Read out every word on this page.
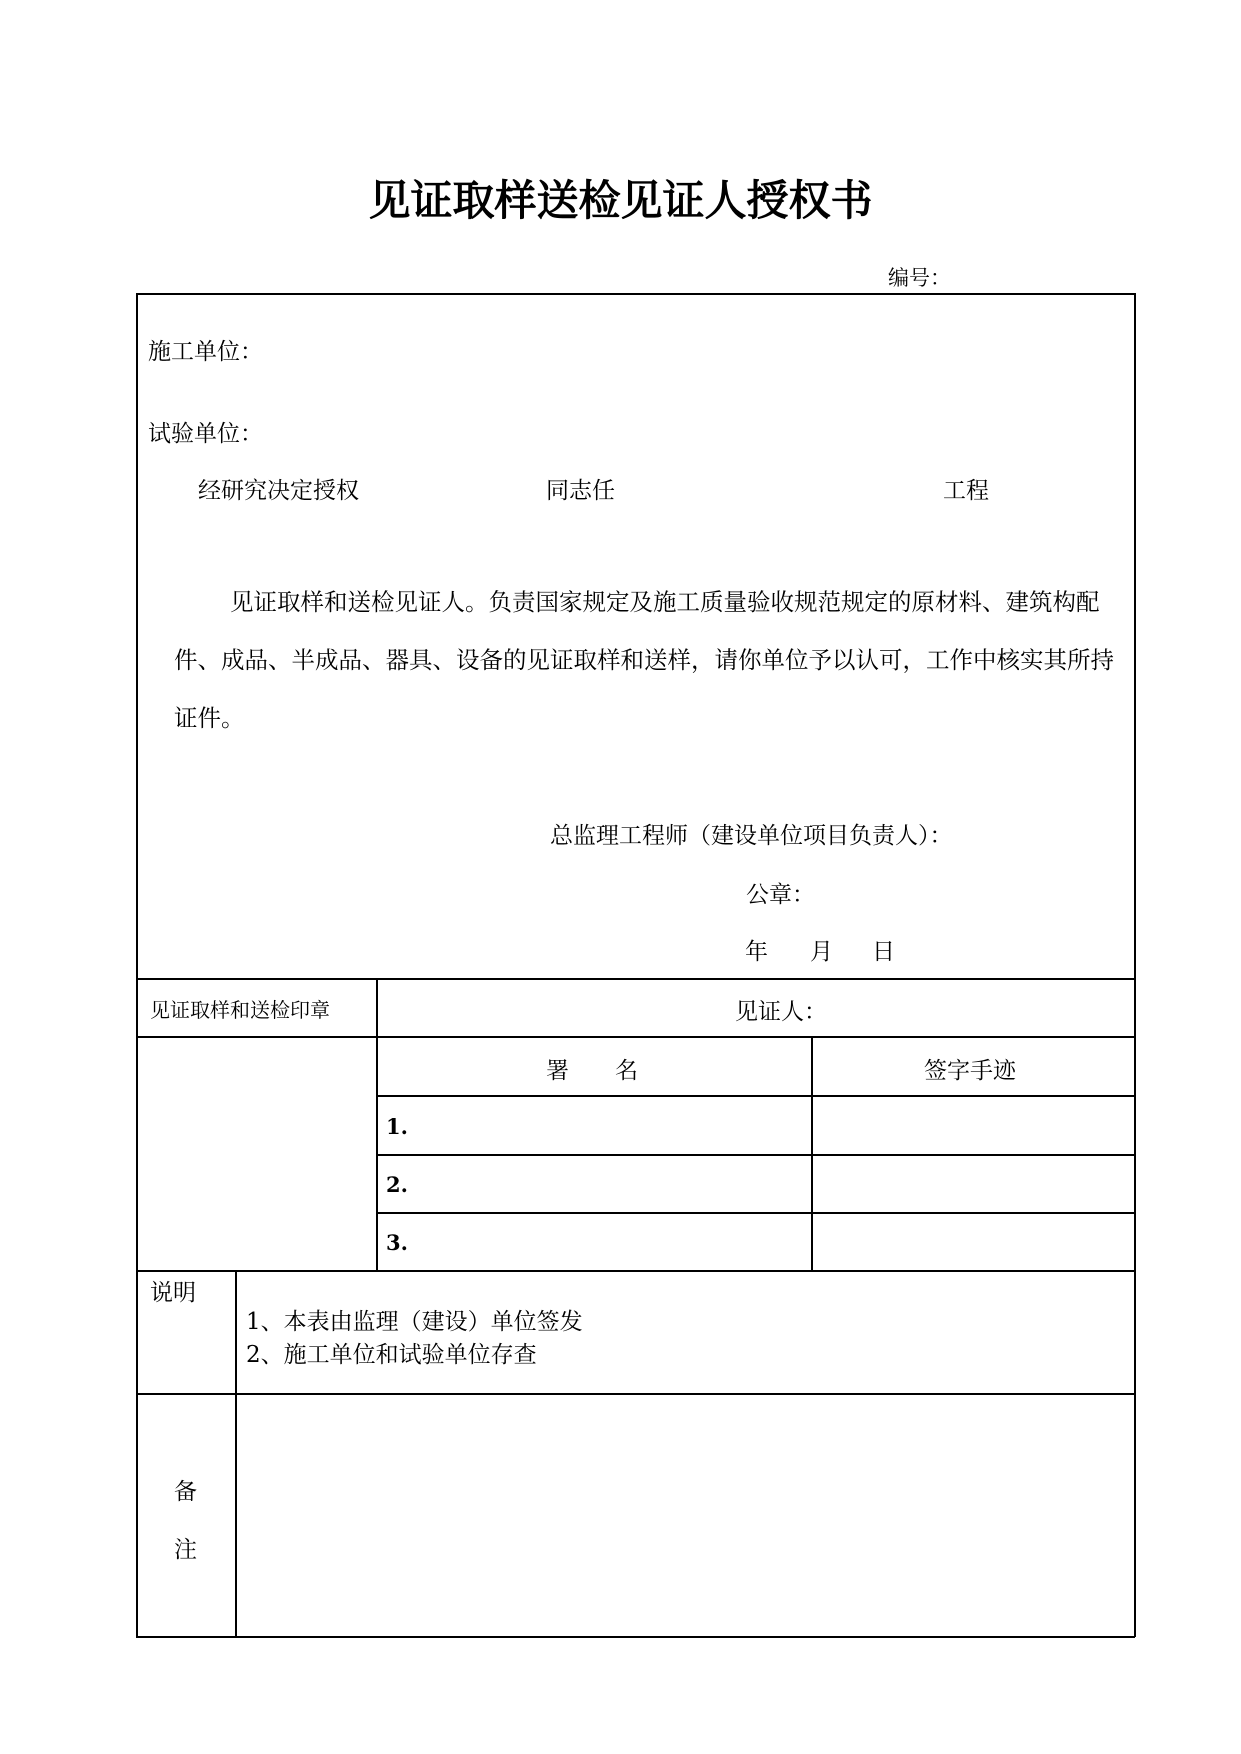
见证取样送检见证人授权书
编号：
施工单位：
试验单位：
经研究决定授权	同志任	工程
见证取样和送检见证人。负责国家规定及施工质量验收规范规定的原材料、建筑构配件、成品、半成品、器具、设备的见证取样和送样，请你单位予以认可，工作中核实其所持证件。
总监理工程师（建设单位项目负责人）：
公章：
年 月 日
见证取样和送检印章	见证人：
署　　名	签字手迹
1.
2.
3.
说明
1、本表由监理（建设）单位签发
2、施工单位和试验单位存查
备
注
